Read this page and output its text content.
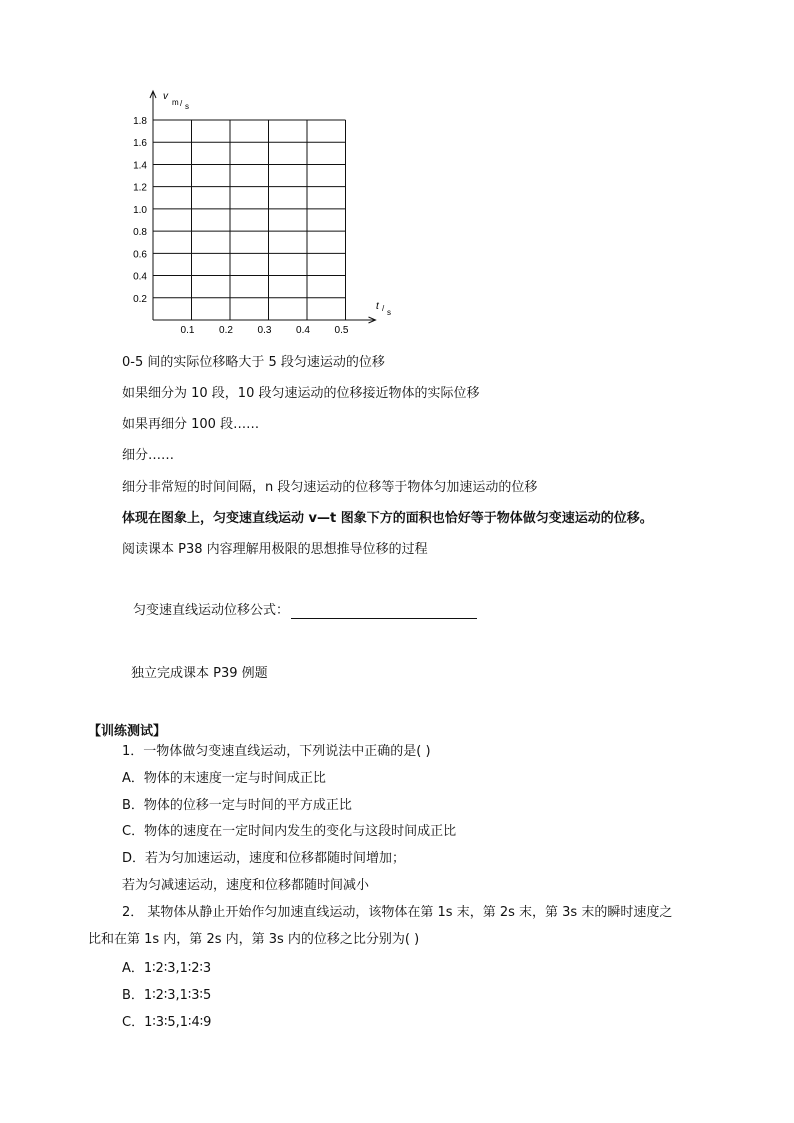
1.8
1.6
1.4
1.2
1.0
0.8
0.6
0.4
0.2
0.1 0.2 0.3 0.4 0.5
v
m / s
t / s
0-5 间的实际位移略大于 5 段匀速运动的位移
如果细分为 10 段，10 段匀速运动的位移接近物体的实际位移
如果再细分 100 段……
细分……
细分非常短的时间间隔，n 段匀速运动的位移等于物体匀加速运动的位移
体现在图象上，匀变速直线运动 v—t 图象下方的面积也恰好等于物体做匀变速运动的位移。
阅读课本 P38 内容理解用极限的思想推导位移的过程
匀变速直线运动位移公式：
独立完成课本 P39 例题
【训练测试】
1．一物体做匀变速直线运动，下列说法中正确的是( )
A．物体的末速度一定与时间成正比
B．物体的位移一定与时间的平方成正比
C．物体的速度在一定时间内发生的变化与这段时间成正比
D．若为匀加速运动，速度和位移都随时间增加；
若为匀减速运动，速度和位移都随时间减小
2． 某物体从静止开始作匀加速直线运动，该物体在第 1s 末，第 2s 末，第 3s 末的瞬时速度之
比和在第 1s 内，第 2s 内，第 3s 内的位移之比分别为( )
A．1∶2∶3,1∶2∶3
B．1∶2∶3,1∶3∶5
C．1∶3∶5,1∶4∶9
